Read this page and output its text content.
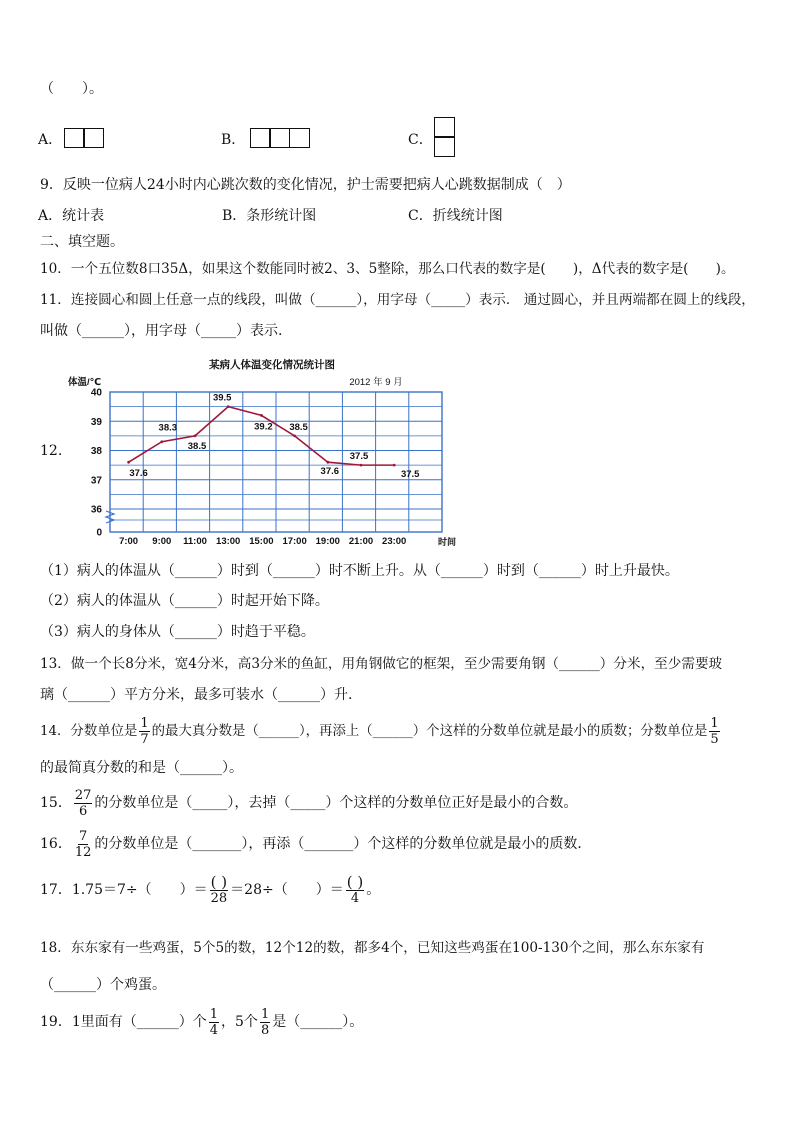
（　　）。
A．	B．	C．
9．反映一位病人24小时内心跳次数的变化情况，护士需要把病人心跳数据制成（　）
A．统计表	B．条形统计图	C．折线统计图
二、填空题。
10．一个五位数8口35Δ，如果这个数能同时被2、3、5整除，那么口代表的数字是(　　)，Δ代表的数字是(　　)。
11．连接圆心和圆上任意一点的线段，叫做（______），用字母（_____）表示． 通过圆心，并且两端都在圆上的线段，
叫做（______），用字母（_____）表示.
12.
某病人体温变化情况统计图
2012 年 9 月
体温/℃
时间
40
39
38
37
36
0
7:00 9:00 11:00 13:00 15:00 17:00 19:00 21:00 23:00
37.6
38.3
38.5
39.5
39.2 38.5
37.6
37.5
37.5
（1）病人的体温从（______）时到（______）时不断上升。从（______）时到（______）时上升最快。
（2）病人的体温从（______）时起开始下降。
（3）病人的身体从（______）时趋于平稳。
13．做一个长8分米，宽4分米，高3分米的鱼缸，用角钢做它的框架，至少需要角钢（______）分米，至少需要玻
璃（______）平方分米，最多可装水（______）升.
14．分数单位是 $\frac{1}{7}$ 的最大真分数是（______），再添上（______）个这样的分数单位就是最小的质数；分数单位是 $\frac{1}{5}$
的最简真分数的和是（______）。
15． $\frac{27}{6}$ 的分数单位是（_____），去掉（_____）个这样的分数单位正好是最小的合数。
16． $\frac{7}{12}$ 的分数单位是（_______），再添（_______）个这样的分数单位就是最小的质数．
17．1.75＝7÷（　　）＝ $\frac{( )}{28} =28\div$（　　）＝ $\frac{( )}{4}$ 。
18．东东家有一些鸡蛋，5个5的数，12个12的数，都多4个，已知这些鸡蛋在100-130个之间，那么东东家有
（______）个鸡蛋。
19．1里面有（______）个 $\frac{1}{4}$ ，5个 $\frac{1}{8}$ 是（______）。
